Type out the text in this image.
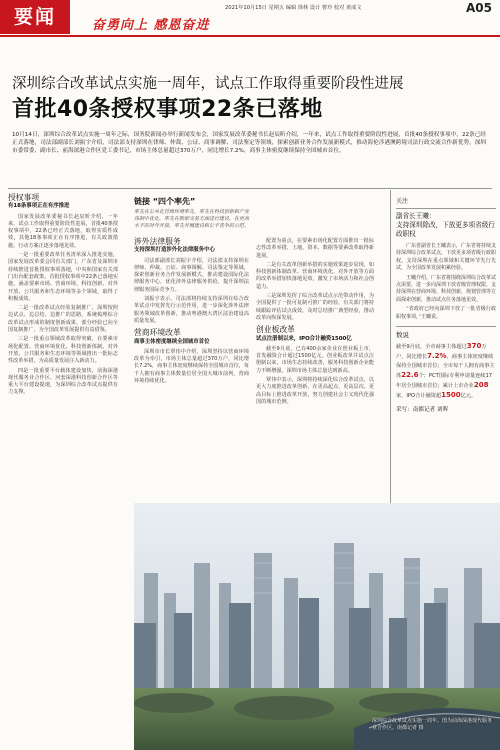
要闻	奋勇向上 感恩奋进
2021年10月15日 星期五 编辑 徐林 设计 曹玲 校对 黄成文	A05
深圳综合改革试点实施一周年，试点工作取得重要阶段性进展
首批40条授权事项22条已落地
10月14日，深圳综合改革试点实施一周年之际，国务院新闻办举行新闻发布会，国家发展改革委秘书长赵辰昕介绍，一年来，试点工作取得重要阶段性进展，首批40条授权事项中，22条已经正式落地，司法部副部长刘振宇介绍，司法部支持深圳在律师、仲裁、公证、商事调解、司法鉴定等领域，探索创新业务合作发展新模式，推动海伦涉港澳跨境司法行政交流合作新优势。深圳市委常委、副市长、前海深港合作区党工委书记，市场主体总量超过370万户，同比增长7.2%，商事主体密度继续保持全国城市首位。
授权事项
有18条事项正在有序推进

国家发展改革委秘书长赵辰昕介绍，一年来，试点工作取得重要阶段性进展，首批40条授权事项中，22条已经正式落地，取得实质性成效，其他18条事项正在有序推进，有关政策措施、行动方案正逐步落地见效。

一是一批重要改革任务清单深入推进实施，国家发展改革委会同有关部门、广东省及深圳市持续推进首批授权事项落地，中央和国家有关部门出台配套政策，首批授权事项中22条已落地实施，涵盖要素市场、营商环境、科技创新、对外开放、公共服务和生态环境等多个领域，取得了积极成效。

二是一批改革试点经验复制推广，深圳按照边试点、边总结、边推广的思路，系统梳理综合改革试点形成的制度创新成果，部分经验已向全国复制推广，为全国改革发展提供有益借鉴。

三是一批重点领域改革取得突破，在要素市场化配置、营商环境优化、科技创新体制、对外开放、公共服务和生态环境等领域推出一批标志性改革举措，为高质量发展注入新动力。

四是一批重要平台载体建设加快，前海深港现代服务业合作区、河套深港科技创新合作区等重大平台建设提速，为深圳综合改革试点提供有力支撑。

链接 “四个率先”
率先在公共化营商环境率先、率先在科技创新和产业体制中优化、率先在数据交易方面进行建设、在更高水平的对外开放、率先开展建设和公平竞争的示范。
涉外法律服务
支持深圳打造涉外化法律服务中心

司法部副部长刘振宇介绍，司法部支持深圳在律师、仲裁、公证、商事调解、司法鉴定等领域，探索创新业务合作发展新模式，推动建设国际化法律服务中心，优化涉外法律服务供给，提升深圳法律服务国际竞争力。

刘振宇表示，司法部将持续支持深圳在综合改革试点中发挥先行示范作用，进一步深化涉外法律服务领域改革创新，推动粤港澳大湾区法治建设高质量发展。

营商环境改革
商事主体密度继续全国城市首位

深圳市市长覃伟中介绍，深圳坚持以营商环境改革为牵引，市场主体总量超过370万户，同比增长7.2%，商事主体密度继续保持全国城市首位，每千人拥有商事主体数量位居全国大城市前列，营商环境持续优化。

配置为重点，在要素市场化配置方面推出一批标志性改革举措，土地、资本、数据等要素改革取得新进展。

二是有关改革创新举措的实施效果逐步显现，如科技创新体制改革、营商环境优化、对外开放等方面的改革举措加快落地见效，激发了市场活力和社会创造力。

三是深圳发挥了综合改革试点示范带动作用，为全国提供了一批可复制可推广的经验，有关部门将持续跟踪评估试点成效，及时总结推广典型经验，推动改革向纵深发展。

创业板改革
试点注册制以来，IPO合计融资1500亿

截至9月底，已有400余家企业在创业板上市，首发融资合计超过1500亿元。创业板改革并试点注册制以来，市场生态持续改善，服务科技创新企业能力不断增强，深圳市场主体总量达到新高。

覃伟中表示，深圳将持续深化综合改革试点，以更大力度推进改革创新，在更高起点、更高层次、更高目标上推进改革开放，努力创建社会主义现代化强国的城市范例。

关注
副省长王曦：
支持深圳除改，下放更多项省级行政职权

广东省副省长王曦表示，广东省将持续支持深圳综合改革试点，下放更多项省级行政职权，支持深圳在重点领域和关键环节先行先试，为全国改革发展积累经验。

王曦介绍，广东省将围绕深圳综合改革试点需要，进一步向深圳下放省级管理权限，支持深圳在营商环境、科技创新、规划管理等方面探索创新，推动试点任务落地见效。

“省政府已经向深圳下放了一批省级行政职权事项，”王曦说。

数说
截至9月底，全市商事主体超过370万户，同比增长7.2%，商事主体密度继续保持全国城市首位；全市每千人拥有商事主体22.6个；PCT国际专利申请量连续17年居全国城市首位；累计上市企业208家，IPO合计融资超1500亿元。
采写：南都记者 刘晖
深圳综合改革试点实施一周年。图为前海深港现代服务业合作区。南都记者 摄
